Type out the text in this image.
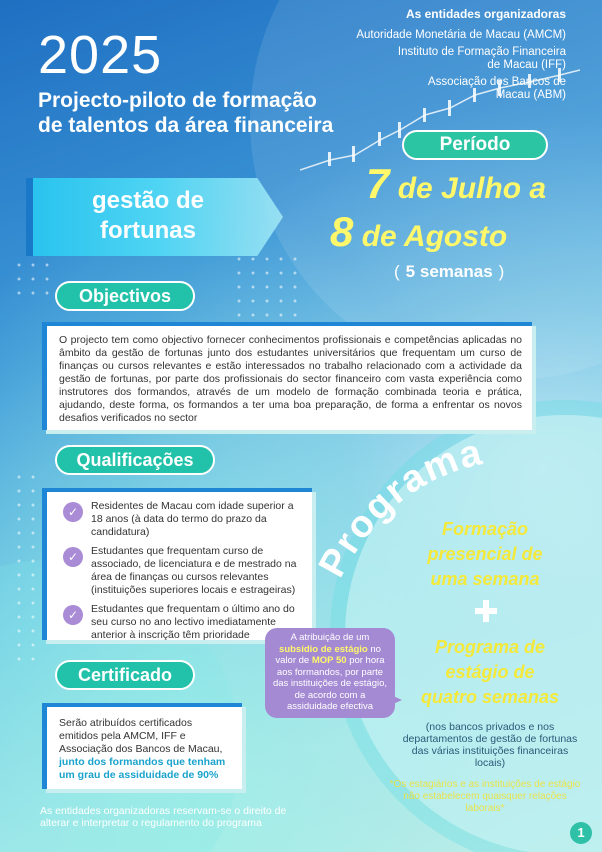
2025
Projecto-piloto de formação de talentos da área financeira
As entidades organizadoras
Autoridade Monetária de Macau (AMCM)
Instituto de Formação Financeira de Macau (IFF)
Associação dos Bancos de Macau (ABM)
gestão de fortunas
Período
7 de Julho a
8 de Agosto
( 5 semanas )
Objectivos
O projecto tem como objectivo fornecer conhecimentos profissionais e competências aplicadas no âmbito da gestão de fortunas junto dos estudantes universitários que frequentam um curso de finanças ou cursos relevantes e estão interessados no trabalho relacionado com a actividade da gestão de fortunas, por parte dos profissionais do sector financeiro com vasta experiência como instrutores dos formandos, através de um modelo de formação combinada teoria e prática, ajudando, deste forma, os formandos a ter uma boa preparação, de forma a enfrentar os novos desafios verificados no sector
Qualificações
✓	Residentes de Macau com idade superior a 18 anos (à data do termo do prazo da candidatura)
✓	Estudantes que frequentam curso de associado, de licenciatura e de mestrado na área de finanças ou cursos relevantes (instituições superiores locais e estrageiras)
✓	Estudantes que frequentam o último ano do seu curso no ano lectivo imediatamente anterior à inscrição têm prioridade
Certificado
Serão atribuídos certificados emitidos pela AMCM, IFF e Associação dos Bancos de Macau, junto dos formandos que tenham um grau de assiduidade de 90%
Programa
Formação presencial de uma semana
Programa de estágio de quatro semanas
(nos bancos privados e nos departamentos de gestão de fortunas das várias instituições financeiras locais)
*Os estagiários e as instituições de estágio não estabelecem quaisquer relações laborais*
A atribuição de um subsídio de estágio no valor de MOP 50 por hora aos formandos, por parte das instituições de estágio, de acordo com a assiduidade efectiva
As entidades organizadoras reservam-se o direito de alterar e interpretar o regulamento do programa
1
